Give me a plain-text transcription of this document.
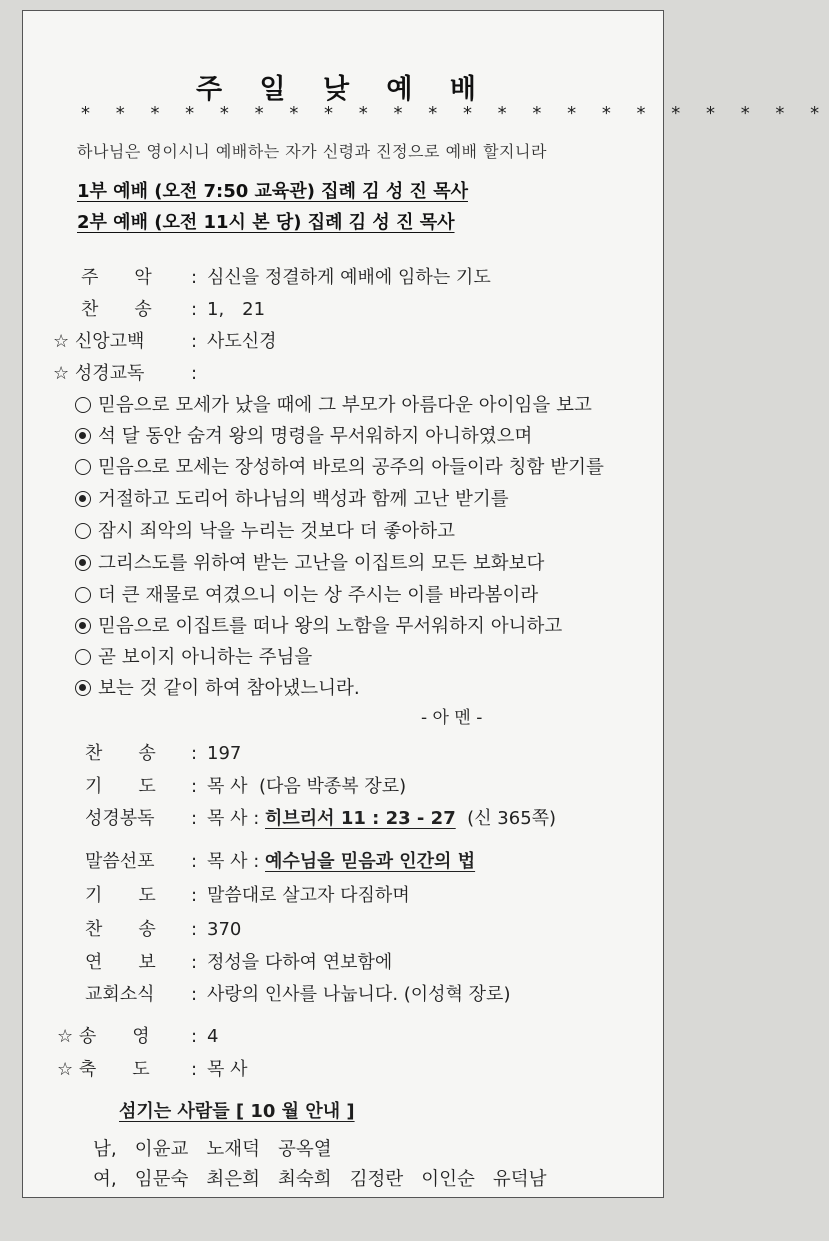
주 일 낮 예 배
* * * * * * * * * * * * * * * * * * * * * *
하나님은 영이시니 예배하는 자가 신령과 진정으로 예배 할지니라
1부 예배 (오전 7:50 교육관) 집례 김 성 진 목사
2부 예배 (오전 11시 본 당) 집례 김 성 진 목사
주　　악 : 심신을 정결하게 예배에 임하는 기도
찬　　송 : 1,　21
☆ 신앙고백	: 사도신경
☆ 성경교독	:
믿음으로 모세가 났을 때에 그 부모가 아름다운 아이임을 보고
석 달 동안 숨겨 왕의 명령을 무서워하지 아니하였으며
믿음으로 모세는 장성하여 바로의 공주의 아들이라 칭함 받기를
거절하고 도리어 하나님의 백성과 함께 고난 받기를
잠시 죄악의 낙을 누리는 것보다 더 좋아하고
그리스도를 위하여 받는 고난을 이집트의 모든 보화보다
더 큰 재물로 여겼으니 이는 상 주시는 이를 바라봄이라
믿음으로 이집트를 떠나 왕의 노함을 무서워하지 아니하고
곧 보이지 아니하는 주님을
보는 것 같이 하여 참아냈느니라.
- 아 멘 -
찬　　송 : 197
기　　도 : 목 사 (다음 박종복 장로)
성경봉독 : 목 사 : 히브리서 11 : 23 - 27 (신 365쪽)
말씀선포 : 목 사 : 예수님을 믿음과 인간의 법
기　　도 : 말씀대로 살고자 다짐하며
찬　　송 : 370
연　　보 : 정성을 다하여 연보함에
교회소식 : 사랑의 인사를 나눕니다. (이성혁 장로)
☆ 송　　영 : 4
☆ 축　　도 : 목 사
섬기는 사람들 [ 10 월 안내 ]
남, 이윤교 노재덕 공옥열
여, 임문숙 최은희 최숙희 김정란 이인순 유덕남
